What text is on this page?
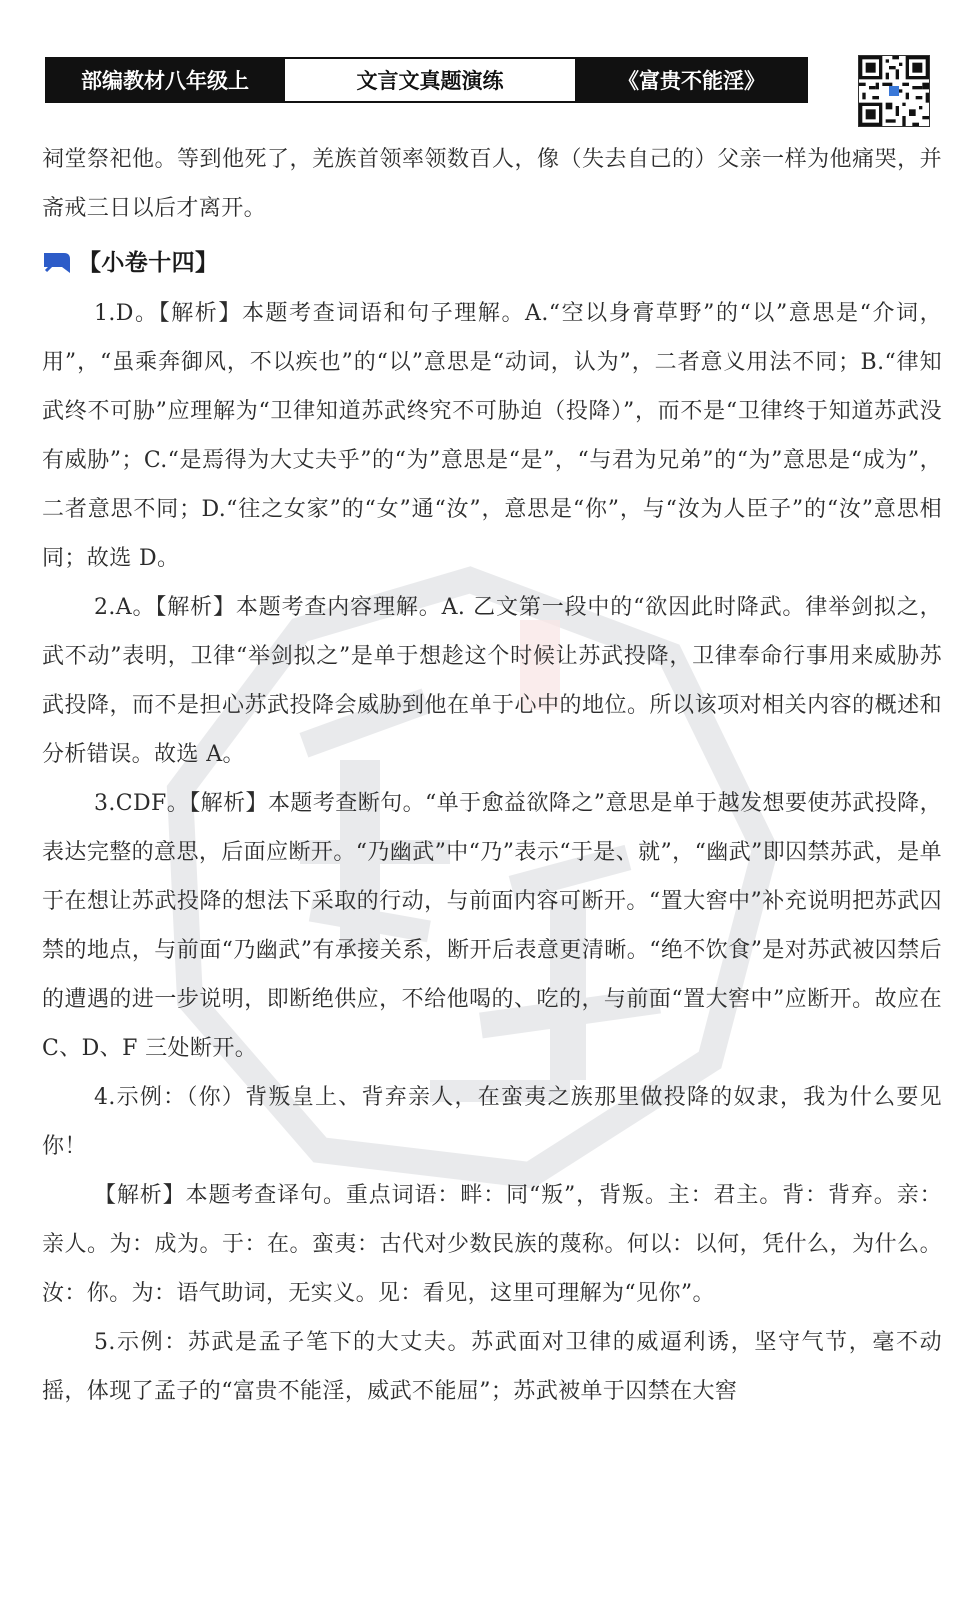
部编教材八年级上	文言文真题演练	《富贵不能淫》

祠堂祭祀他。等到他死了，羌族首领率领数百人，像（失去自己的）父亲一样为他痛哭，并斋戒三日以后才离开。

【小卷十四】

1.D。【解析】本题考查词语和句子理解。A.“空以身膏草野”的“以”意思是“介词，用”，“虽乘奔御风，不以疾也”的“以”意思是“动词，认为”，二者意义用法不同；B.“律知武终不可胁”应理解为“卫律知道苏武终究不可胁迫（投降）”，而不是“卫律终于知道苏武没有威胁”；C.“是焉得为大丈夫乎”的“为”意思是“是”，“与君为兄弟”的“为”意思是“成为”，二者意思不同；D.“往之女家”的“女”通“汝”，意思是“你”，与“汝为人臣子”的“汝”意思相同；故选 D。

2.A。【解析】本题考查内容理解。A. 乙文第一段中的“欲因此时降武。律举剑拟之，武不动”表明，卫律“举剑拟之”是单于想趁这个时候让苏武投降，卫律奉命行事用来威胁苏武投降，而不是担心苏武投降会威胁到他在单于心中的地位。所以该项对相关内容的概述和分析错误。故选 A。

3.CDF。【解析】本题考查断句。“单于愈益欲降之”意思是单于越发想要使苏武投降，表达完整的意思，后面应断开。“乃幽武”中“乃”表示“于是、就”，“幽武”即囚禁苏武，是单于在想让苏武投降的想法下采取的行动，与前面内容可断开。“置大窖中”补充说明把苏武囚禁的地点，与前面“乃幽武”有承接关系，断开后表意更清晰。“绝不饮食”是对苏武被囚禁后的遭遇的进一步说明，即断绝供应，不给他喝的、吃的，与前面“置大窖中”应断开。故应在 C、D、F 三处断开。

4.示例：（你）背叛皇上、背弃亲人，在蛮夷之族那里做投降的奴隶，我为什么要见你！

【解析】本题考查译句。重点词语：畔：同“叛”，背叛。主：君主。背：背弃。亲：亲人。为：成为。于：在。蛮夷：古代对少数民族的蔑称。何以：以何，凭什么，为什么。汝：你。为：语气助词，无实义。见：看见，这里可理解为“见你”。

5.示例：苏武是孟子笔下的大丈夫。苏武面对卫律的威逼利诱，坚守气节，毫不动摇，体现了孟子的“富贵不能淫，威武不能屈”；苏武被单于囚禁在大窖
